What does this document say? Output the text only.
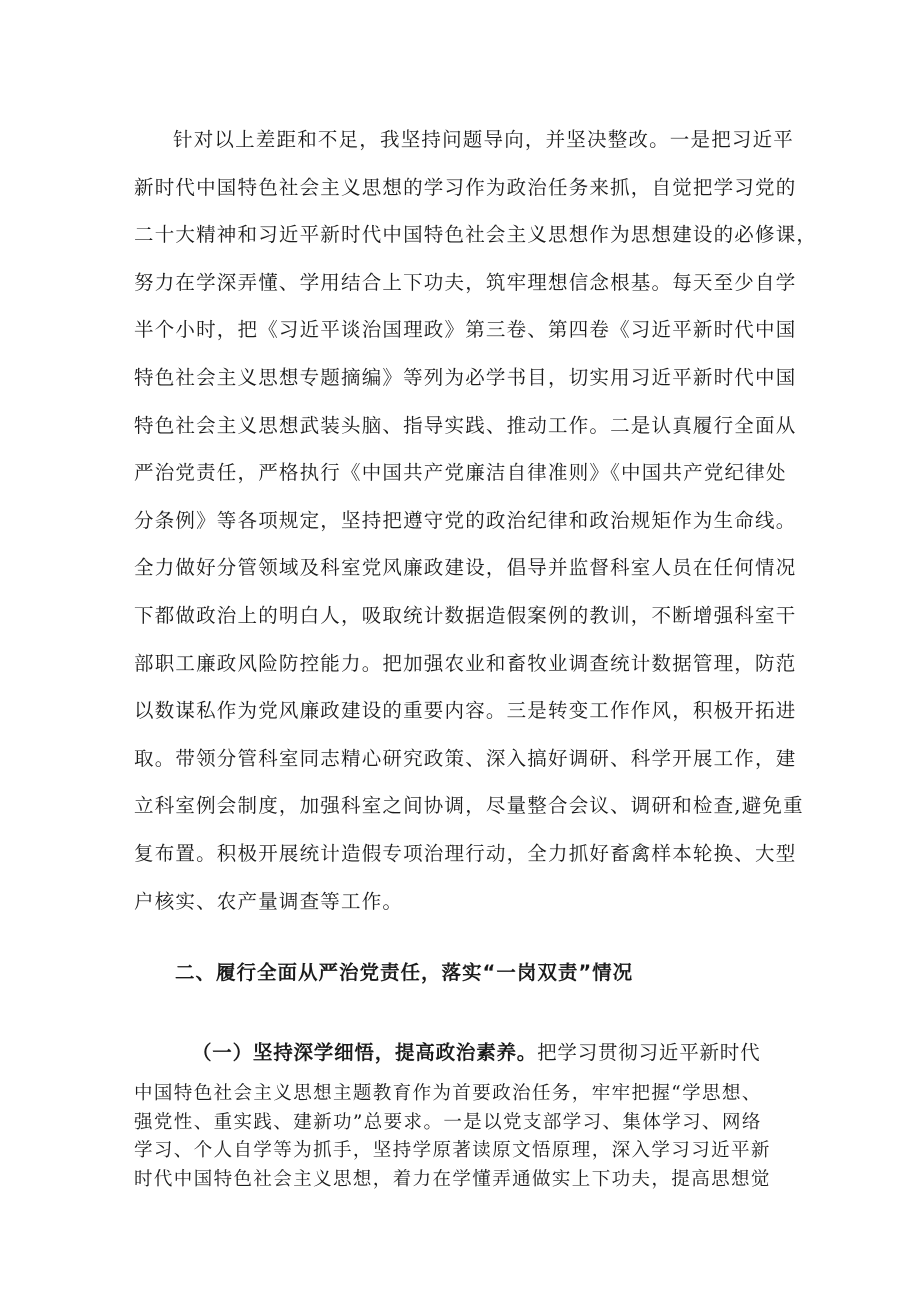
针对以上差距和不足，我坚持问题导向，并坚决整改。一是把习近平
新时代中国特色社会主义思想的学习作为政治任务来抓，自觉把学习党的
二十大精神和习近平新时代中国特色社会主义思想作为思想建设的必修课，
努力在学深弄懂、学用结合上下功夫，筑牢理想信念根基。每天至少自学
半个小时，把《习近平谈治国理政》第三卷、第四卷《习近平新时代中国
特色社会主义思想专题摘编》等列为必学书目，切实用习近平新时代中国
特色社会主义思想武装头脑、指导实践、推动工作。二是认真履行全面从
严治党责任，严格执行《中国共产党廉洁自律准则》《中国共产党纪律处
分条例》等各项规定，坚持把遵守党的政治纪律和政治规矩作为生命线。
全力做好分管领域及科室党风廉政建设，倡导并监督科室人员在任何情况
下都做政治上的明白人，吸取统计数据造假案例的教训，不断增强科室干
部职工廉政风险防控能力。把加强农业和畜牧业调查统计数据管理，防范
以数谋私作为党风廉政建设的重要内容。三是转变工作作风，积极开拓进
取。带领分管科室同志精心研究政策、深入搞好调研、科学开展工作，建
立科室例会制度，加强科室之间协调，尽量整合会议、调研和检查,避免重
复布置。积极开展统计造假专项治理行动，全力抓好畜禽样本轮换、大型
户核实、农产量调查等工作。
二、履行全面从严治党责任，落实“一岗双责”情况
（一）坚持深学细悟，提高政治素养。把学习贯彻习近平新时代
中国特色社会主义思想主题教育作为首要政治任务，牢牢把握“学思想、
强党性、重实践、建新功”总要求。一是以党支部学习、集体学习、网络
学习、个人自学等为抓手，坚持学原著读原文悟原理，深入学习习近平新
时代中国特色社会主义思想，着力在学懂弄通做实上下功夫，提高思想觉
